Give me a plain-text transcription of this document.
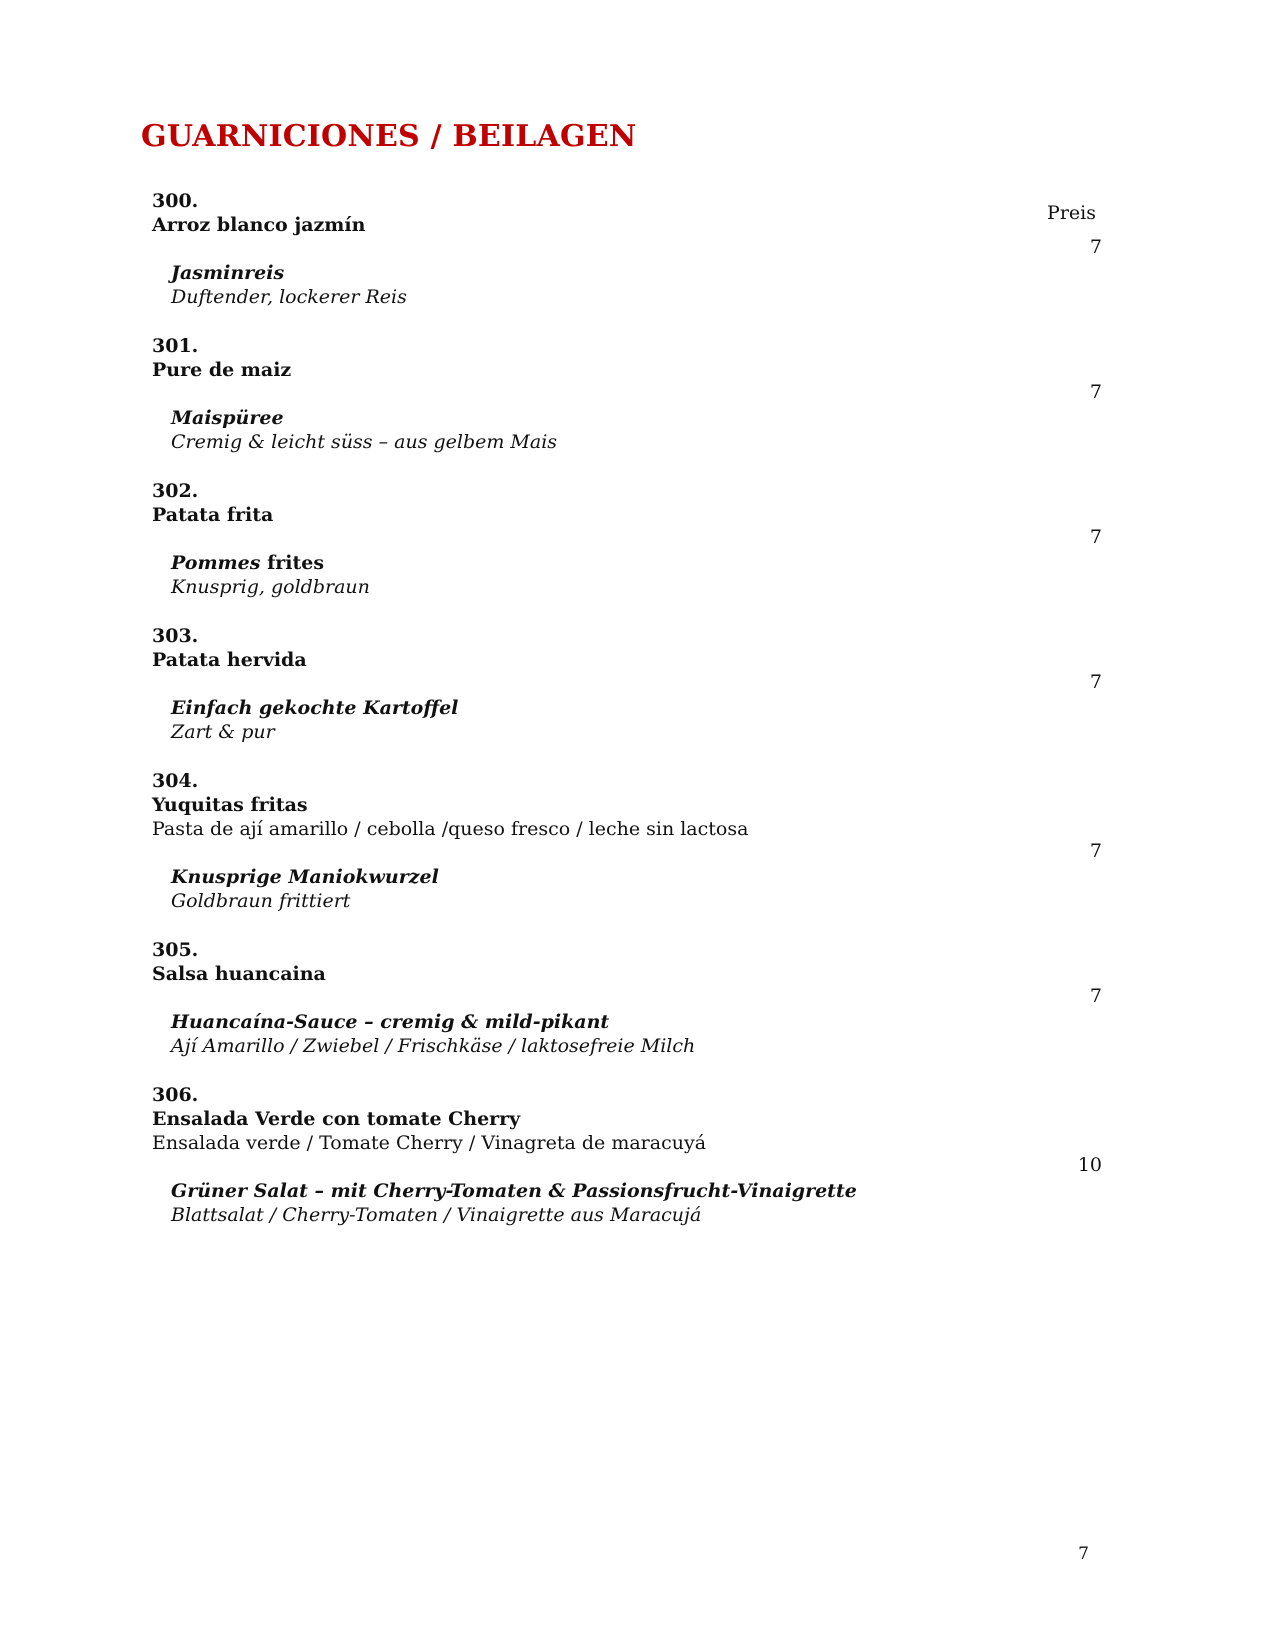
GUARNICIONES / BEILAGEN
Preis

300.

Arroz blanco jazmín

Jasminreis

Duftender, lockerer Reis

7

301.

Pure de maiz

Maispüree

Cremig & leicht süss – aus gelbem Mais

7

302.

Patata frita

Pommes frites

Knusprig, goldbraun

7

303.

Patata hervida

Einfach gekochte Kartoffel

Zart & pur

7

304.

Yuquitas fritas

Pasta de ají amarillo / cebolla /queso fresco / leche sin lactosa

Knusprige Maniokwurzel

Goldbraun frittiert

7

305.

Salsa huancaina

Huancaína-Sauce – cremig & mild-pikant

Ají Amarillo / Zwiebel / Frischkäse / laktosefreie Milch

7

306.

Ensalada Verde con tomate Cherry

Ensalada verde / Tomate Cherry / Vinagreta de maracuyá

Grüner Salat – mit Cherry-Tomaten & Passionsfrucht-Vinaigrette

Blattsalat / Cherry-Tomaten / Vinaigrette aus Maracujá

10
7
